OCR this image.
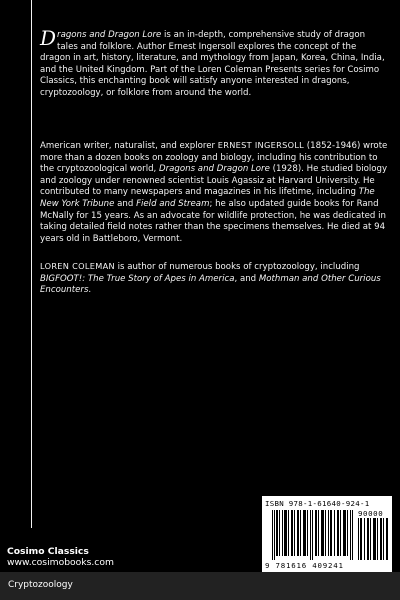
Dragons and Dragon Lore is an in-depth, comprehensive study of dragon tales and folklore. Author Ernest Ingersoll explores the concept of the dragon in art, history, literature, and mythology from Japan, Korea, China, India, and the United Kingdom. Part of the Loren Coleman Presents series for Cosimo Classics, this enchanting book will satisfy anyone interested in dragons, cryptozoology, or folklore from around the world.

American writer, naturalist, and explorer ERNEST INGERSOLL (1852-1946) wrote more than a dozen books on zoology and biology, including his contribution to the cryptozoological world, Dragons and Dragon Lore (1928). He studied biology and zoology under renowned scientist Louis Agassiz at Harvard University. He contributed to many newspapers and magazines in his lifetime, including The New York Tribune and Field and Stream; he also updated guide books for Rand McNally for 15 years. As an advocate for wildlife protection, he was dedicated in taking detailed field notes rather than the specimens themselves. He died at 94 years old in Battleboro, Vermont.

LOREN COLEMAN is author of numerous books of cryptozoology, including BIGFOOT!: The True Story of Apes in America, and Mothman and Other Curious Encounters.

ISBN 978-1-61640-924-1
90000
9 781616 409241
Cosimo Classics
www.cosimobooks.com
Cryptozoology
